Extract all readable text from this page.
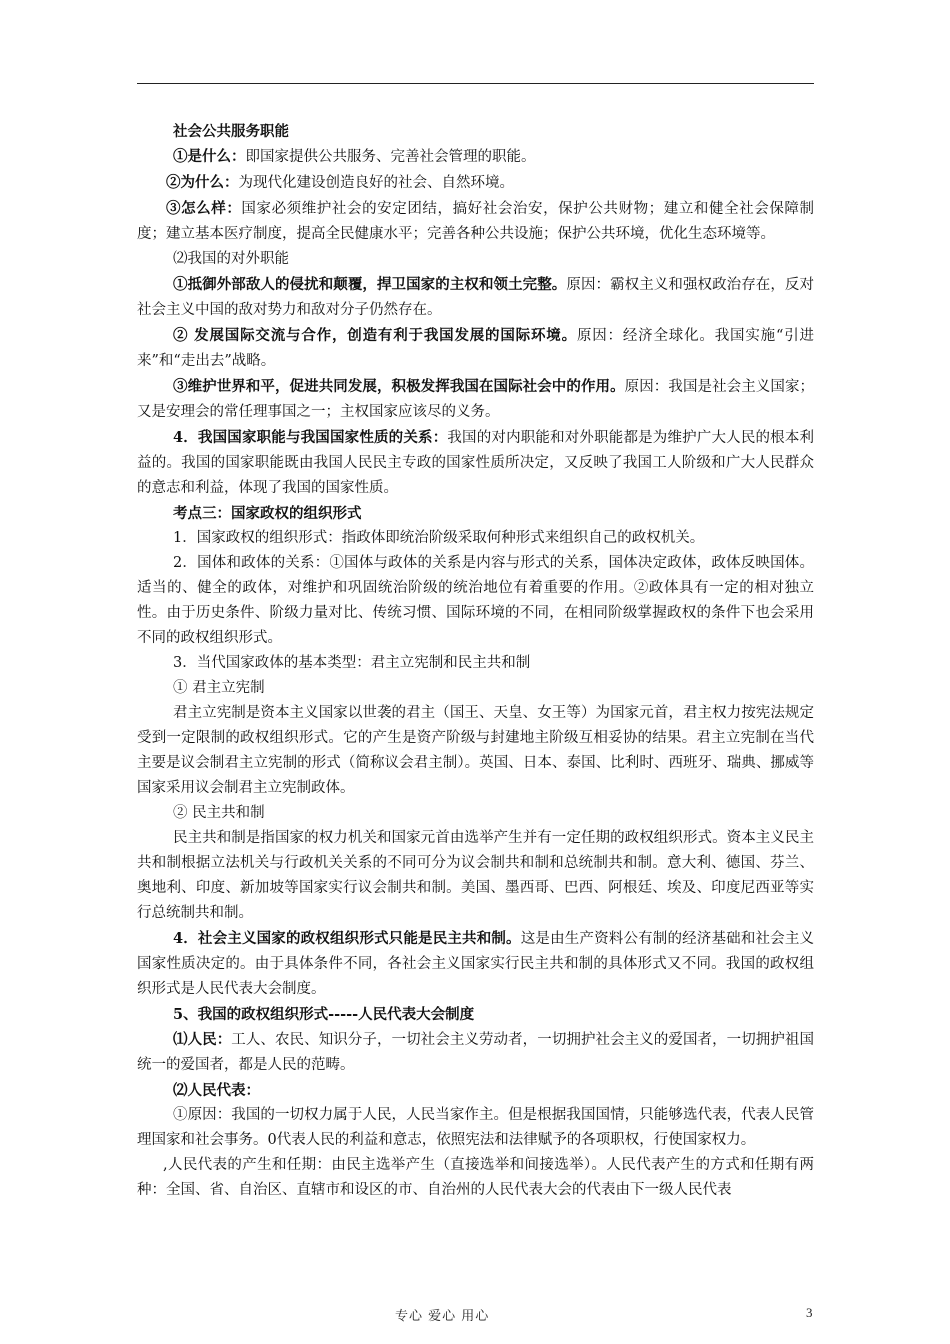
社会公共服务职能

①是什么：即国家提供公共服务、完善社会管理的职能。

②为什么：为现代化建设创造良好的社会、自然环境。

③怎么样：国家必须维护社会的安定团结，搞好社会治安，保护公共财物；建立和健全社会保障制度；建立基本医疗制度，提高全民健康水平；完善各种公共设施；保护公共环境，优化生态环境等。

⑵我国的对外职能

①抵御外部敌人的侵扰和颠覆，捍卫国家的主权和领土完整。原因：霸权主义和强权政治存在，反对社会主义中国的敌对势力和敌对分子仍然存在。

② 发展国际交流与合作，创造有利于我国发展的国际环境。原因：经济全球化。我国实施“引进来”和“走出去”战略。

③维护世界和平，促进共同发展，积极发挥我国在国际社会中的作用。原因：我国是社会主义国家；又是安理会的常任理事国之一；主权国家应该尽的义务。

4．我国国家职能与我国国家性质的关系：我国的对内职能和对外职能都是为维护广大人民的根本利益的。我国的国家职能既由我国人民民主专政的国家性质所决定，又反映了我国工人阶级和广大人民群众的意志和利益，体现了我国的国家性质。

考点三：国家政权的组织形式

1．国家政权的组织形式：指政体即统治阶级采取何种形式来组织自己的政权机关。

2．国体和政体的关系：①国体与政体的关系是内容与形式的关系，国体决定政体，政体反映国体。适当的、健全的政体，对维护和巩固统治阶级的统治地位有着重要的作用。②政体具有一定的相对独立性。由于历史条件、阶级力量对比、传统习惯、国际环境的不同，在相同阶级掌握政权的条件下也会采用不同的政权组织形式。

3．当代国家政体的基本类型：君主立宪制和民主共和制

① 君主立宪制

君主立宪制是资本主义国家以世袭的君主（国王、天皇、女王等）为国家元首，君主权力按宪法规定受到一定限制的政权组织形式。它的产生是资产阶级与封建地主阶级互相妥协的结果。君主立宪制在当代主要是议会制君主立宪制的形式（简称议会君主制）。英国、日本、泰国、比利时、西班牙、瑞典、挪威等国家采用议会制君主立宪制政体。

② 民主共和制

民主共和制是指国家的权力机关和国家元首由选举产生并有一定任期的政权组织形式。资本主义民主共和制根据立法机关与行政机关关系的不同可分为议会制共和制和总统制共和制。意大利、德国、芬兰、奥地利、印度、新加坡等国家实行议会制共和制。美国、墨西哥、巴西、阿根廷、埃及、印度尼西亚等实行总统制共和制。

4．社会主义国家的政权组织形式只能是民主共和制。这是由生产资料公有制的经济基础和社会主义国家性质决定的。由于具体条件不同，各社会主义国家实行民主共和制的具体形式又不同。我国的政权组织形式是人民代表大会制度。

5、我国的政权组织形式-----人民代表大会制度

⑴人民：工人、农民、知识分子，一切社会主义劳动者，一切拥护社会主义的爱国者，一切拥护祖国统一的爱国者，都是人民的范畴。

⑵人民代表：

①原因：我国的一切权力属于人民，人民当家作主。但是根据我国国情，只能够选代表，代表人民管理国家和社会事务。0代表人民的利益和意志，依照宪法和法律赋予的各项职权，行使国家权力。

,人民代表的产生和任期：由民主选举产生（直接选举和间接选举）。人民代表产生的方式和任期有两种：全国、省、自治区、直辖市和设区的市、自治州的人民代表大会的代表由下一级人民代表

专心 爱心 用心	3
